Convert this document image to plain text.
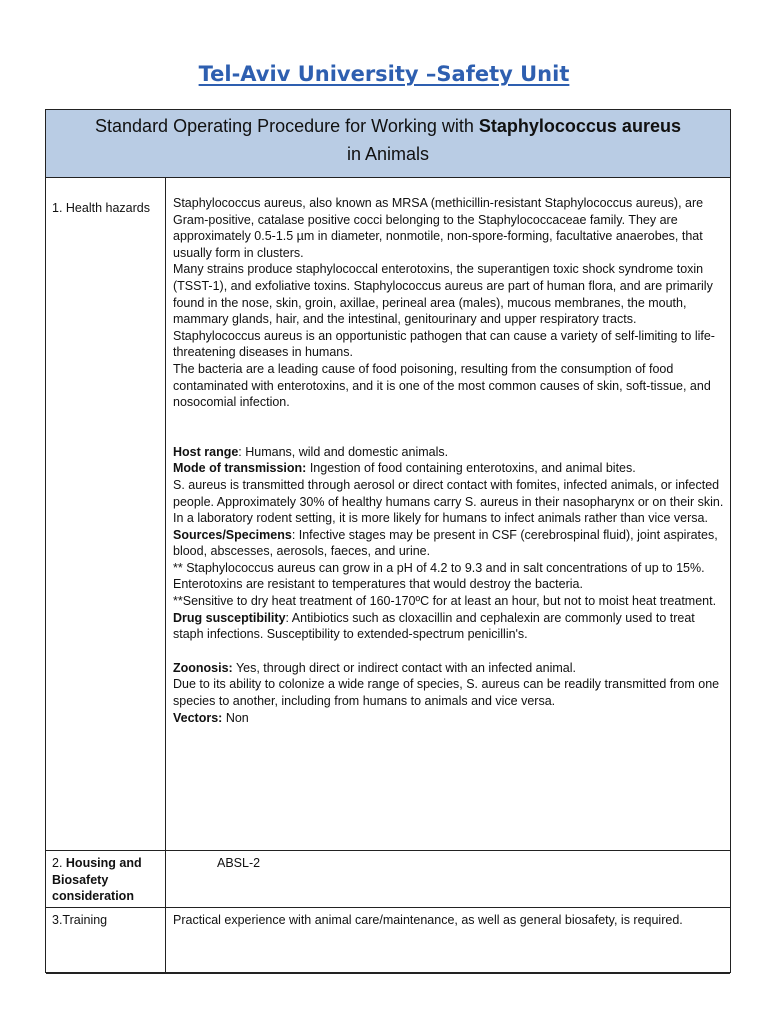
Tel-Aviv University –Safety Unit
Standard Operating Procedure for Working with Staphylococcus aureus
in Animals
1. Health hazards	Staphylococcus aureus, also known as MRSA (methicillin-resistant Staphylococcus aureus), are Gram-positive, catalase positive cocci belonging to the Staphylococcaceae family. They are approximately 0.5-1.5 µm in diameter, nonmotile, non-spore-forming, facultative anaerobes, that usually form in clusters.

Many strains produce staphylococcal enterotoxins, the superantigen toxic shock syndrome toxin (TSST-1), and exfoliative toxins. Staphylococcus aureus are part of human flora, and are primarily found in the nose, skin, groin, axillae, perineal area (males), mucous membranes, the mouth, mammary glands, hair, and the intestinal, genitourinary and upper respiratory tracts.

Staphylococcus aureus is an opportunistic pathogen that can cause a variety of self-limiting to life-threatening diseases in humans.

The bacteria are a leading cause of food poisoning, resulting from the consumption of food contaminated with enterotoxins, and it is one of the most common causes of skin, soft-tissue, and nosocomial infection.

Host range: Humans, wild and domestic animals.

Mode of transmission: Ingestion of food containing enterotoxins, and animal bites.

S. aureus is transmitted through aerosol or direct contact with fomites, infected animals, or infected people. Approximately 30% of healthy humans carry S. aureus in their nasopharynx or on their skin. In a laboratory rodent setting, it is more likely for humans to infect animals rather than vice versa.

Sources/Specimens: Infective stages may be present in CSF (cerebrospinal fluid), joint aspirates, blood, abscesses, aerosols, faeces, and urine.

** Staphylococcus aureus can grow in a pH of 4.2 to 9.3 and in salt concentrations of up to 15%. Enterotoxins are resistant to temperatures that would destroy the bacteria.

**Sensitive to dry heat treatment of 160-170ºC for at least an hour, but not to moist heat treatment.

Drug susceptibility: Antibiotics such as cloxacillin and cephalexin are commonly used to treat staph infections. Susceptibility to extended-spectrum penicillin's.

Zoonosis: Yes, through direct or indirect contact with an infected animal.

Due to its ability to colonize a wide range of species, S. aureus can be readily transmitted from one species to another, including from humans to animals and vice versa.

Vectors: Non

2. Housing and Biosafety consideration
ABSL-2
3.Training	Practical experience with animal care/maintenance, as well as general biosafety, is required.
